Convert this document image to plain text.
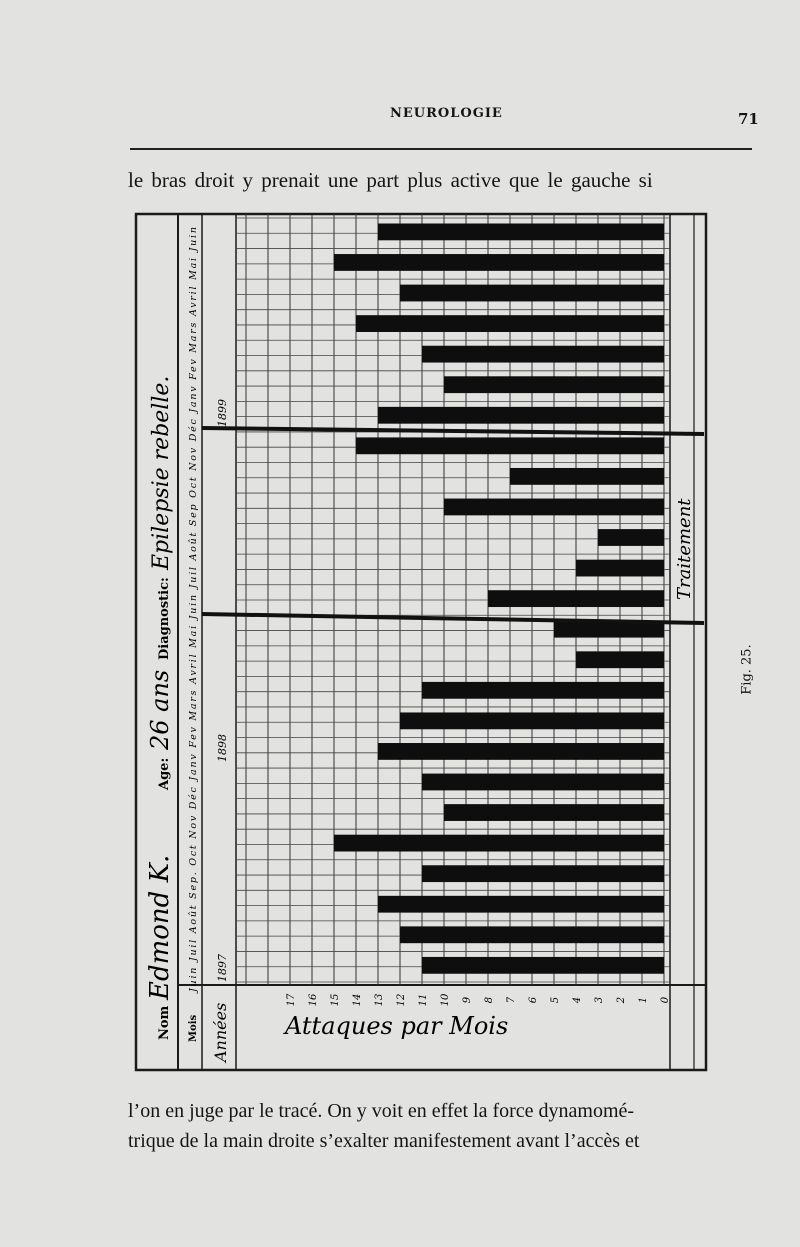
NEUROLOGIE	71
le bras droit y prenait une part plus active que le gauche si
0
1
2
3
4
5
6
7
8
9
10
11
12
13
14
15
16
17
Nom
Edmond K.
Age:
26 ans
Diagnostic:
Epilepsie rebelle.
Mois
Juin Juil Août Sep. Oct Nov Déc Janv Fev Mars Avril Mai Juin Juil Août Sep Oct Nov Déc Janv Fev Mars Avril Mai Juin
Années
1897
1898
1899
Attaques par Mois
Traitement
Fig. 25.
l’on en juge par le tracé. On y voit en effet la force dynamomé-
trique de la main droite s’exalter manifestement avant l’accès et
